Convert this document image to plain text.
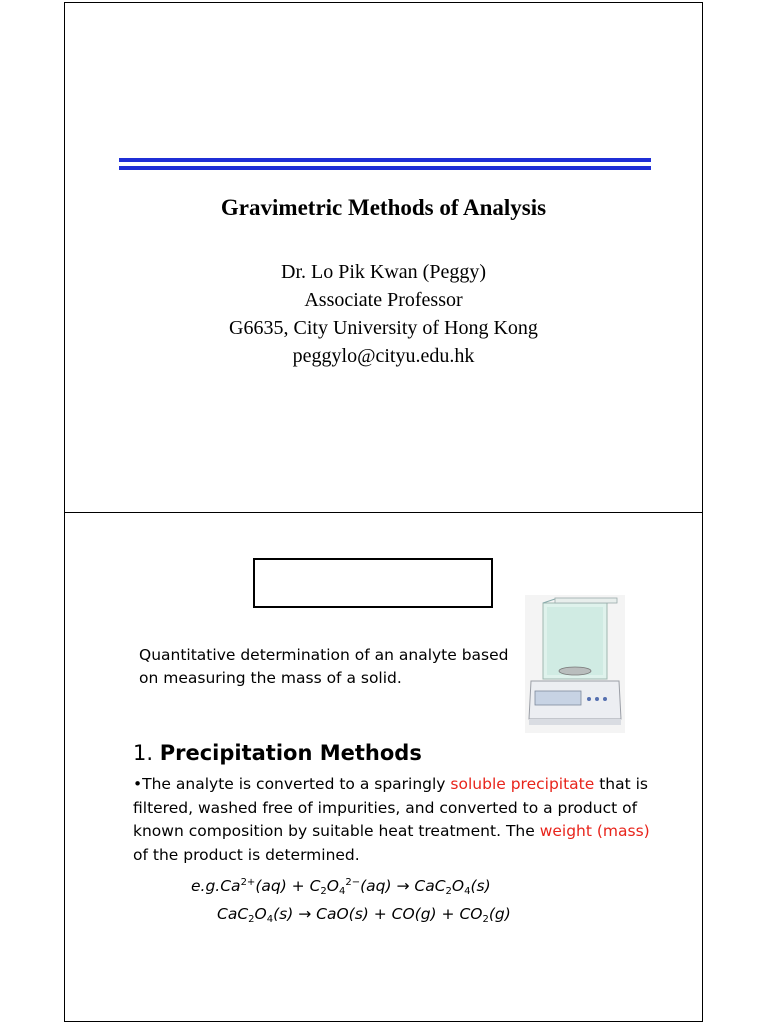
Gravimetric Methods of Analysis
Dr. Lo Pik Kwan (Peggy)
Associate Professor
G6635, City University of Hong Kong
peggylo@cityu.edu.hk
Quantitative determination of an analyte based
on measuring the mass of a solid.
1. Precipitation Methods
•The analyte is converted to a sparingly soluble precipitate that is filtered, washed free of impurities, and converted to a product of known composition by suitable heat treatment. The weight (mass) of the product is determined.
$e.g.Ca^{2+}(aq) + C_2O_4^{2-}(aq) \to CaC_2O_4(s)$
$CaC_2O_4(s) \to CaO(s) + CO(g) + CO_2(g)$
